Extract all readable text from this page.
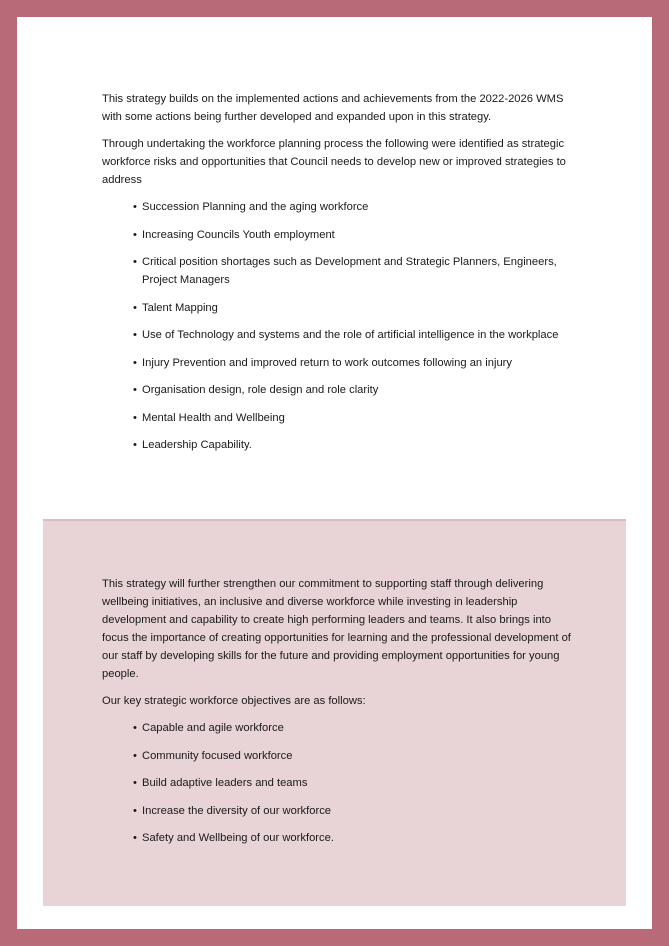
This strategy builds on the implemented actions and achievements from the 2022-2026 WMS with some actions being further developed and expanded upon in this strategy.

Through undertaking the workforce planning process the following were identified as strategic workforce risks and opportunities that Council needs to develop new or improved strategies to address

• Succession Planning and the aging workforce
• Increasing Councils Youth employment
• Critical position shortages such as Development and Strategic Planners, Engineers, Project Managers
• Talent Mapping
• Use of Technology and systems and the role of artificial intelligence in the workplace
• Injury Prevention and improved return to work outcomes following an injury
• Organisation design, role design and role clarity
• Mental Health and Wellbeing
• Leadership Capability.

This strategy will further strengthen our commitment to supporting staff through delivering wellbeing initiatives, an inclusive and diverse workforce while investing in leadership development and capability to create high performing leaders and teams. It also brings into focus the importance of creating opportunities for learning and the professional development of our staff by developing skills for the future and providing employment opportunities for young people.

Our key strategic workforce objectives are as follows:

• Capable and agile workforce
• Community focused workforce
• Build adaptive leaders and teams
• Increase the diversity of our workforce
• Safety and Wellbeing of our workforce.
